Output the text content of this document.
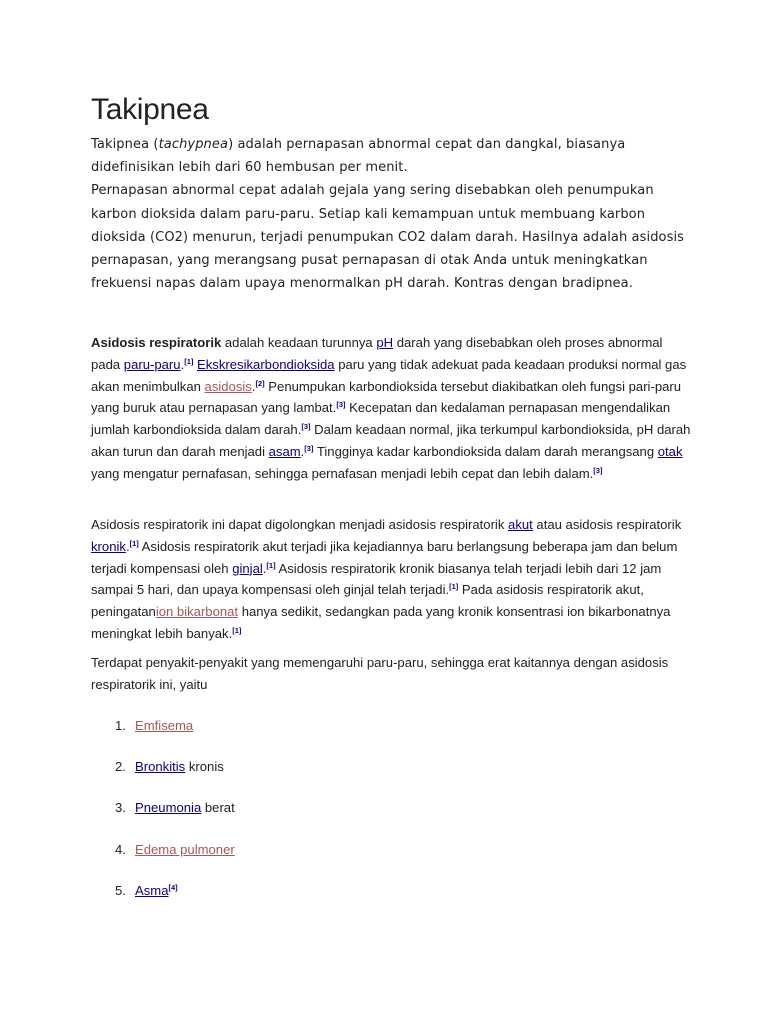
Takipnea

Takipnea (tachypnea) adalah pernapasan abnormal cepat dan dangkal, biasanya
didefinisikan lebih dari 60 hembusan per menit.

Pernapasan abnormal cepat adalah gejala yang sering disebabkan oleh penumpukan karbon dioksida dalam paru-paru. Setiap kali kemampuan untuk membuang karbon dioksida (CO2) menurun, terjadi penumpukan CO2 dalam darah. Hasilnya adalah asidosis pernapasan, yang merangsang pusat pernapasan di otak Anda untuk meningkatkan frekuensi napas dalam upaya menormalkan pH darah. Kontras dengan bradipnea.

Asidosis respiratorik adalah keadaan turunnya pH darah yang disebabkan oleh proses abnormal pada paru-paru.[1] Ekskresikarbondioksida paru yang tidak adekuat pada keadaan produksi normal gas akan menimbulkan asidosis.[2] Penumpukan karbondioksida tersebut diakibatkan oleh fungsi pari-paru yang buruk atau pernapasan yang lambat.[3] Kecepatan dan kedalaman pernapasan mengendalikan jumlah karbondioksida dalam darah.[3] Dalam keadaan normal, jika terkumpul karbondioksida, pH darah akan turun dan darah menjadi asam.[3] Tingginya kadar karbondioksida dalam darah merangsang otak yang mengatur pernafasan, sehingga pernafasan menjadi lebih cepat dan lebih dalam.[3]

Asidosis respiratorik ini dapat digolongkan menjadi asidosis respiratorik akut atau asidosis respiratorik kronik.[1] Asidosis respiratorik akut terjadi jika kejadiannya baru berlangsung beberapa jam dan belum terjadi kompensasi oleh ginjal.[1] Asidosis respiratorik kronik biasanya telah terjadi lebih dari 12 jam sampai 5 hari, dan upaya kompensasi oleh ginjal telah terjadi.[1] Pada asidosis respiratorik akut, peningatanion bikarbonat hanya sedikit, sedangkan pada yang kronik konsentrasi ion bikarbonatnya meningkat lebih banyak.[1]

Terdapat penyakit-penyakit yang memengaruhi paru-paru, sehingga erat kaitannya dengan asidosis respiratorik ini, yaitu

1. Emfisema
2. Bronkitis kronis
3. Pneumonia berat
4. Edema pulmoner
5. Asma[4]
